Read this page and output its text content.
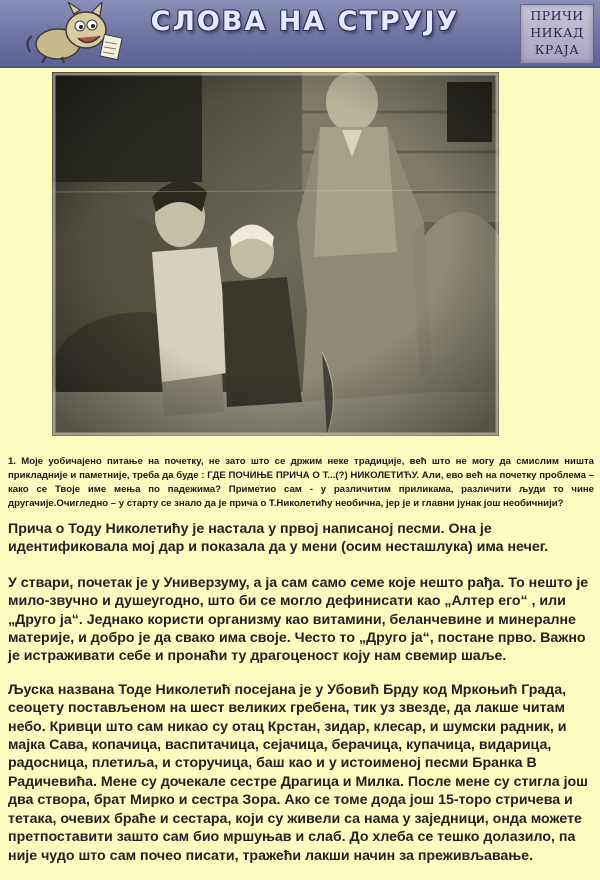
СЛОВА НА СТРУЈУ	ПРИЧИ
НИКАД
КРАЈА
1. Моје уобичајено питање на почетку, не зато што се држим неке традиције, већ што не могу да смислим ништа прикладније и паметније, треба да буде : ГДЕ ПОЧИЊЕ ПРИЧА О Т...(?) НИКОЛЕТИЋУ. Али, ево већ на почетку проблема – како се Твоје име мења по падежима? Приметио сам - у различитим приликама, различити људи то чине другачије.Очигледно – у старту се знало да је прича о Т.Николетићу необична, јер је и главни јунак још необичнији?

Прича о Тоду Николетићу је настала у првој написаној песми. Она је идентификовала мој дар и показала да у мени (осим несташлука) има нечег.

У ствари, почетак је у Универзуму, а ја сам само семе које нешто рађа. То нешто је мило-звучно и душеугодно, што би се могло дефинисати као „Алтер его“ , или „Друго ја“. Једнако користи организму као витамини, беланчевине и минералне материје, и добро је да свако има своје. Често то „Друго ја“, постане прво. Важно је истраживати себе и пронаћи ту драгоценост коју нам свемир шаље.

Љуска названа Тоде Николетић посејана је у Убовић Брду код Мркоњић Града, сеоцету постављеном на шест великих гребена, тик уз звезде, да лакше читам небо. Кривци што сам никао су отац Крстан, зидар, клесар, и шумски радник, и мајка Сава, копачица, васпитачица, сејачица, берачица, купачица, видарица, радосница, плетиља, и сторучица, баш као и у истоименој песми Бранка В Радичевића. Мене су дочекале сестре Драгица и Милка. После мене су стигла још два створа, брат Мирко и сестра Зора. Ако се томе дода још 15-торо стричева и тетака, очевих браће и сестара, који су живели са нама у заједници, онда можете претпоставити зашто сам био мршуњав и слаб. До хлеба се тешко долазило, па није чудо што сам почео писати, тражећи лакши начин за преживљавање.
